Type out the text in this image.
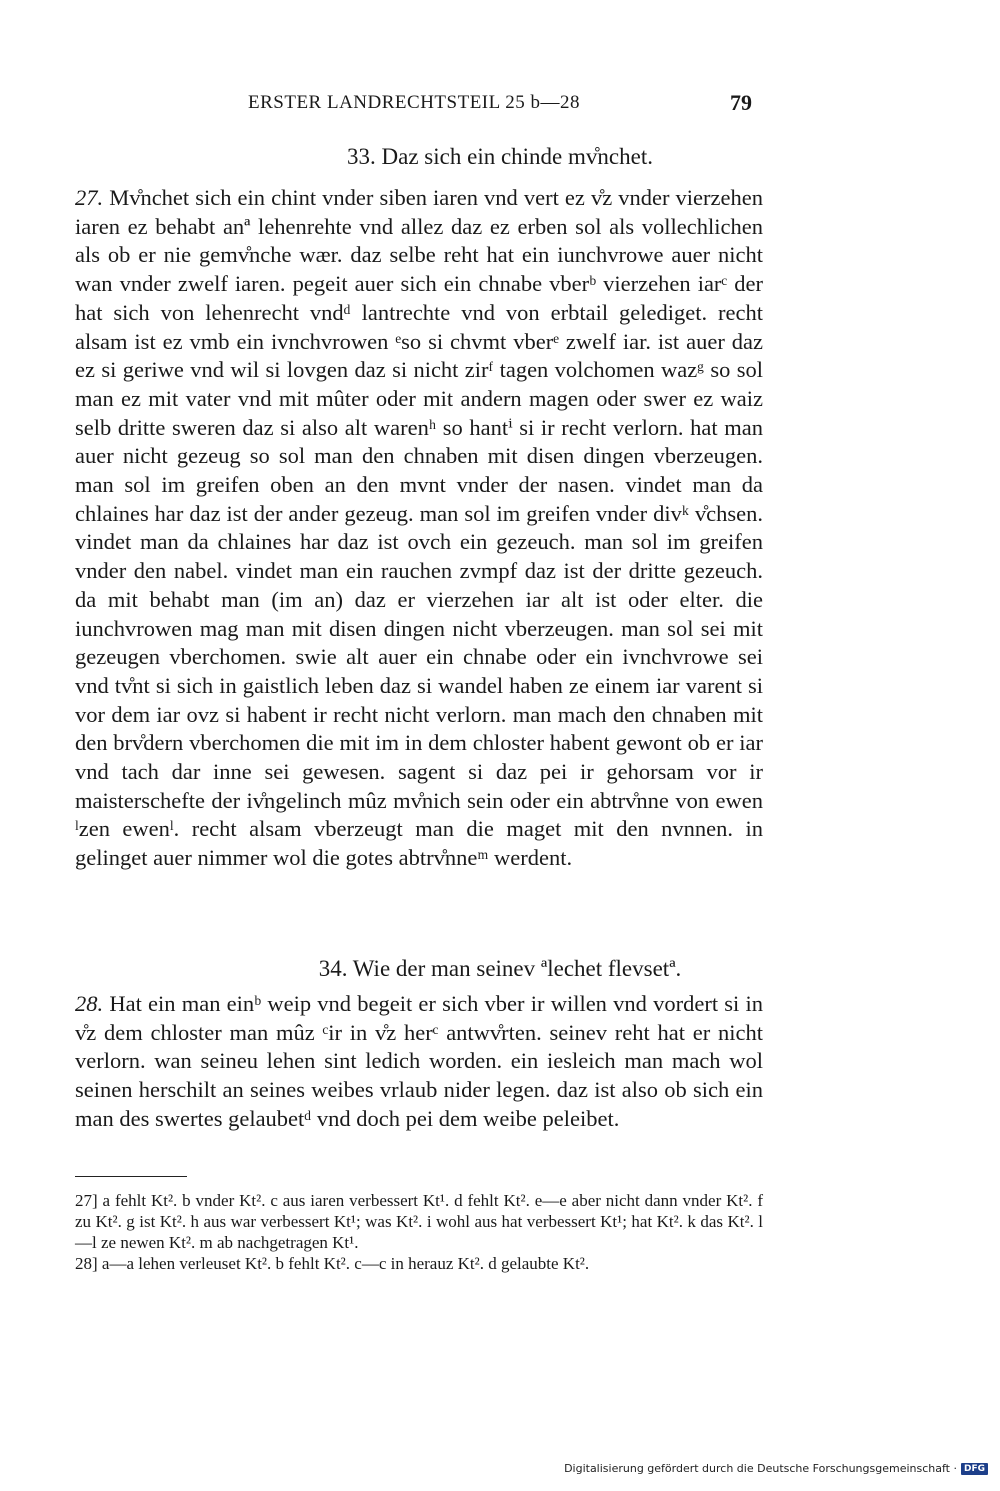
ERSTER LANDRECHTSTEIL 25 b—28	79
33. Daz sich ein chinde mv̊nchet.
27. Mv̊nchet sich ein chint vnder siben iaren vnd vert ez v̊z vnder vierzehen iaren ez behabt anª lehenrehte vnd allez daz ez erben sol als vollechlichen als ob er nie gemv̊nche wær. daz selbe reht hat ein iunchvrowe auer nicht wan vnder zwelf iaren. pegeit auer sich ein chnabe vberᵇ vierzehen iarᶜ der hat sich von lehenrecht vndᵈ lantrechte vnd von erbtail gelediget. recht alsam ist ez vmb ein ivnchvrowen ᵉso si chvmt vberᵉ zwelf iar. ist auer daz ez si geriwe vnd wil si lovgen daz si nicht zirᶠ tagen volchomen wazᵍ so sol man ez mit vater vnd mit mûter oder mit andern magen oder swer ez waiz selb dritte sweren daz si also alt warenʰ so hantⁱ si ir recht verlorn. hat man auer nicht gezeug so sol man den chnaben mit disen dingen vberzeugen. man sol im greifen oben an den mvnt vnder der nasen. vindet man da chlaines har daz ist der ander gezeug. man sol im greifen vnder divᵏ v̊chsen. vindet man da chlaines har daz ist ovch ein gezeuch. man sol im greifen vnder den nabel. vindet man ein rauchen zvmpf daz ist der dritte gezeuch. da mit behabt man (im an) daz er vierzehen iar alt ist oder elter. die iunchvrowen mag man mit disen dingen nicht vberzeugen. man sol sei mit gezeugen vberchomen. swie alt auer ein chnabe oder ein ivnchvrowe sei vnd tv̊nt si sich in gaistlich leben daz si wandel haben ze einem iar varent si vor dem iar ovz si habent ir recht nicht verlorn. man mach den chnaben mit den brv̊dern vberchomen die mit im in dem chloster habent gewont ob er iar vnd tach dar inne sei gewesen. sagent si daz pei ir gehorsam vor ir maisterschefte der iv̊ngelinch mûz mv̊nich sein oder ein abtrv̊nne von ewen ˡzen ewenˡ. recht alsam vberzeugt man die maget mit den nvnnen. in gelinget auer nimmer wol die gotes abtrv̊nneᵐ werdent.
34. Wie der man seinev ªlechet flevsetª.
28. Hat ein man einᵇ weip vnd begeit er sich vber ir willen vnd vordert si in v̊z dem chloster man mûz ᶜir in v̊z herᶜ antwv̊rten. seinev reht hat er nicht verlorn. wan seineu lehen sint ledich worden. ein iesleich man mach wol seinen herschilt an seines weibes vrlaub nider legen. daz ist also ob sich ein man des swertes gelaubetᵈ vnd doch pei dem weibe peleibet.

27] a fehlt Kt². b vnder Kt². c aus iaren verbessert Kt¹. d fehlt Kt². e—e aber nicht dann vnder Kt². f zu Kt². g ist Kt². h aus war verbessert Kt¹; was Kt². i wohl aus hat verbessert Kt¹; hat Kt². k das Kt². l—l ze newen Kt². m ab nachgetragen Kt¹.

28] a—a lehen verleuset Kt². b fehlt Kt². c—c in herauz Kt². d gelaubte Kt².

Digitalisierung gefördert durch die Deutsche Forschungsgemeinschaft · DFG
